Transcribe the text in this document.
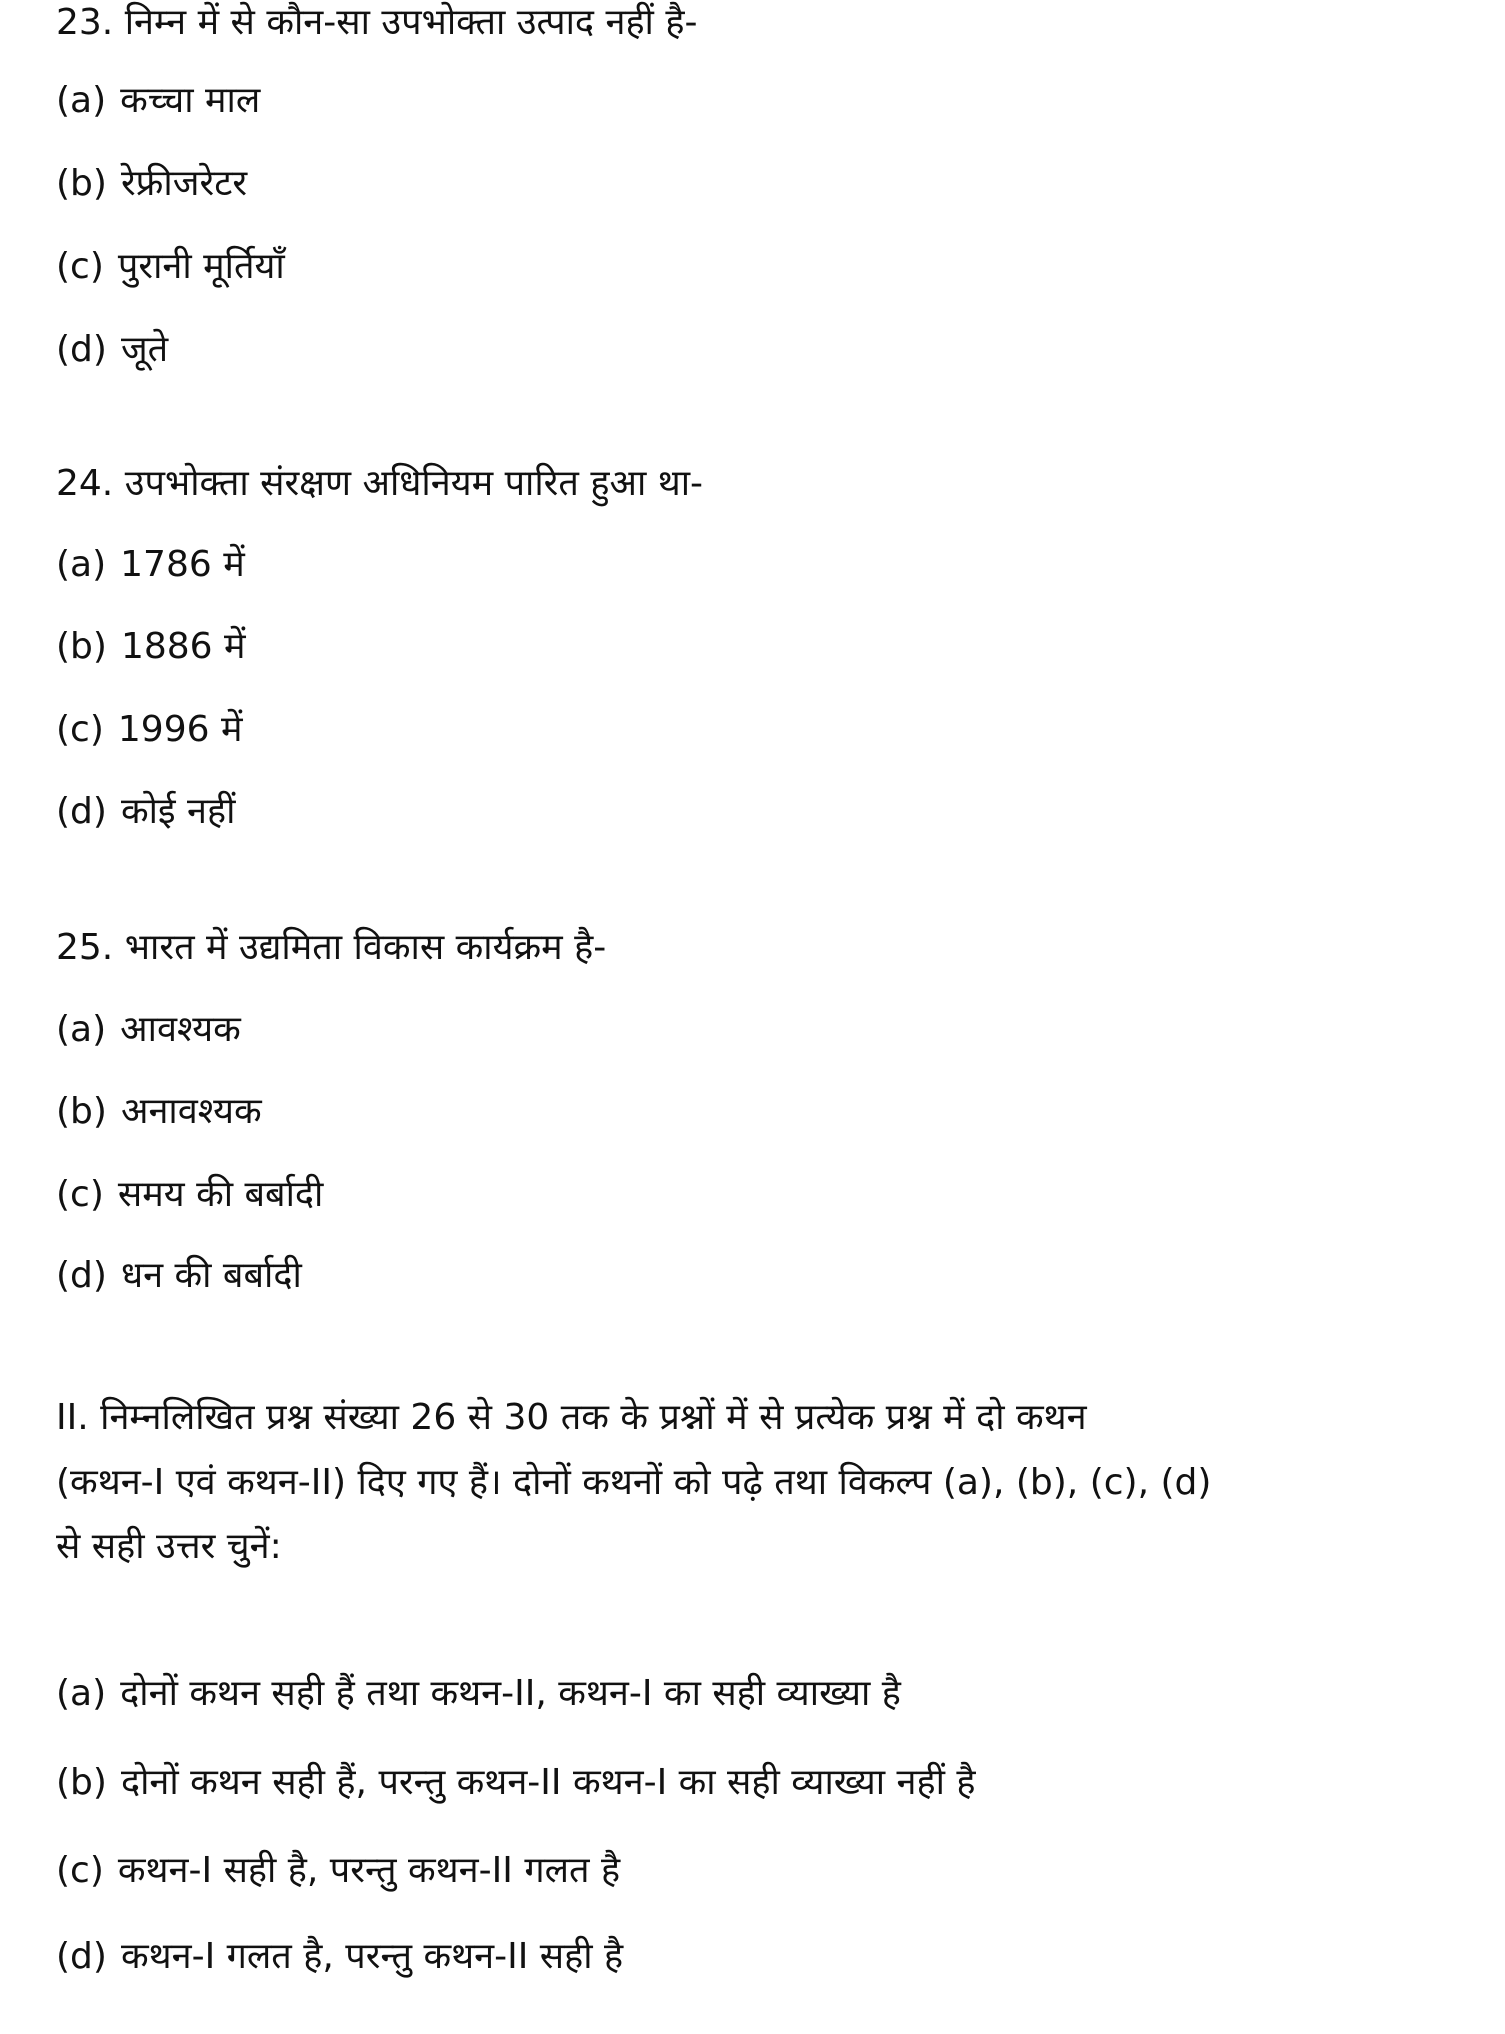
23. निम्न में से कौन-सा उपभोक्ता उत्पाद नहीं है-
(a) कच्चा माल
(b) रेफ्रीजरेटर
(c) पुरानी मूर्तियाँ
(d) जूते
24. उपभोक्ता संरक्षण अधिनियम पारित हुआ था-
(a) 1786 में
(b) 1886 में
(c) 1996 में
(d) कोई नहीं
25. भारत में उद्यमिता विकास कार्यक्रम है-
(a) आवश्यक
(b) अनावश्यक
(c) समय की बर्बादी
(d) धन की बर्बादी
II. निम्नलिखित प्रश्न संख्या 26 से 30 तक के प्रश्नों में से प्रत्येक प्रश्न में दो कथन
(कथन-I एवं कथन-II) दिए गए हैं। दोनों कथनों को पढ़े तथा विकल्प (a), (b), (c), (d)
से सही उत्तर चुनें:
(a) दोनों कथन सही हैं तथा कथन-II, कथन-I का सही व्याख्या है
(b) दोनों कथन सही हैं, परन्तु कथन-II कथन-I का सही व्याख्या नहीं है
(c) कथन-I सही है, परन्तु कथन-II गलत है
(d) कथन-I गलत है, परन्तु कथन-II सही है
